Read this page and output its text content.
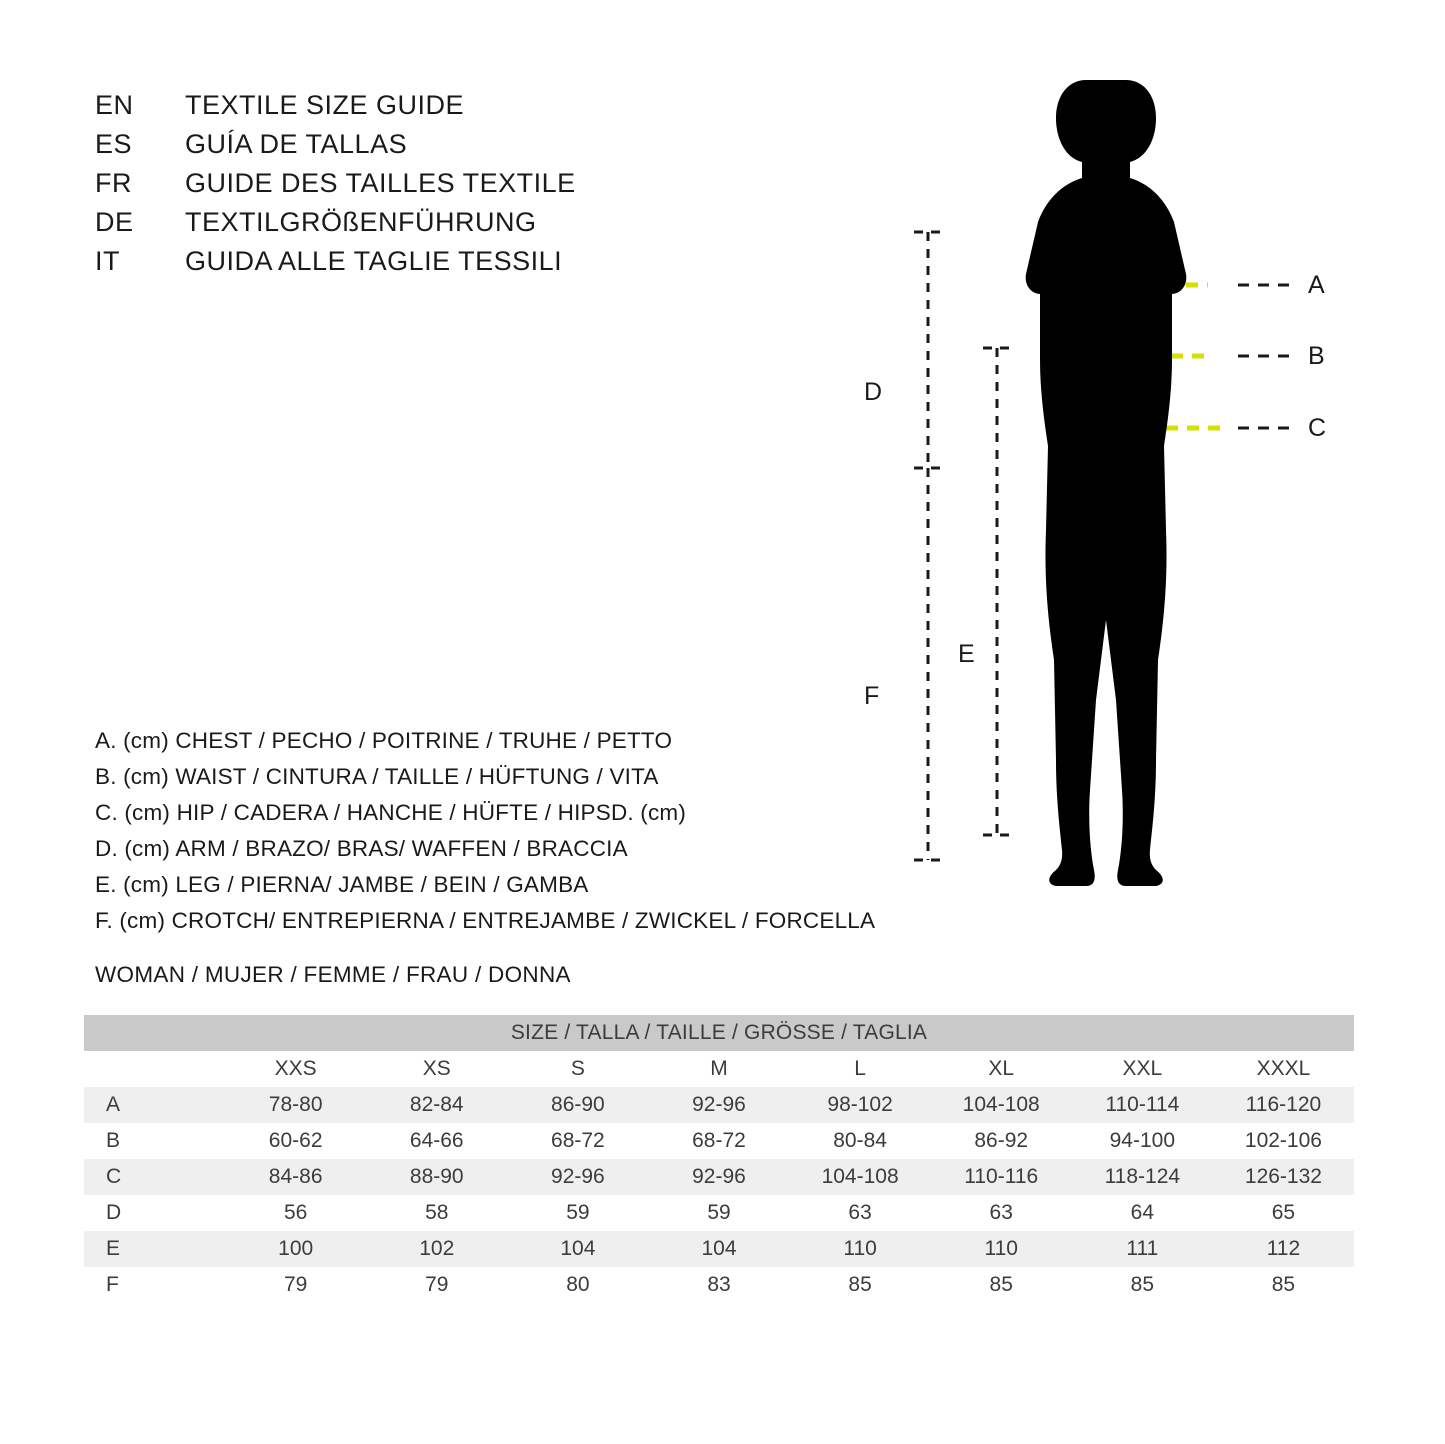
EN	TEXTILE SIZE GUIDE
ES	GUÍA DE TALLAS
FR	GUIDE DES TAILLES TEXTILE
DE	TEXTILGRÖßENFÜHRUNG
IT	GUIDA ALLE TAGLIE TESSILI
D
F
E
A
B
C
A. (cm) CHEST / PECHO / POITRINE / TRUHE / PETTO
B. (cm) WAIST / CINTURA / TAILLE / HÜFTUNG / VITA
C. (cm) HIP / CADERA / HANCHE / HÜFTE / HIPSD. (cm)
D. (cm) ARM / BRAZO/ BRAS/ WAFFEN / BRACCIA
E. (cm) LEG / PIERNA/ JAMBE / BEIN / GAMBA
F. (cm) CROTCH/ ENTREPIERNA / ENTREJAMBE / ZWICKEL / FORCELLA
WOMAN / MUJER / FEMME / FRAU / DONNA
SIZE / TALLA / TAILLE / GRÖSSE / TAGLIA								
	XXS	XS	S	M	L	XL	XXL	XXXL
A	78-80	82-84	86-90	92-96	98-102	104-108	110-114	116-120
B	60-62	64-66	68-72	68-72	80-84	86-92	94-100	102-106
C	84-86	88-90	92-96	92-96	104-108	110-116	118-124	126-132
D	56	58	59	59	63	63	64	65
E	100	102	104	104	110	110	111	112
F	79	79	80	83	85	85	85	85
